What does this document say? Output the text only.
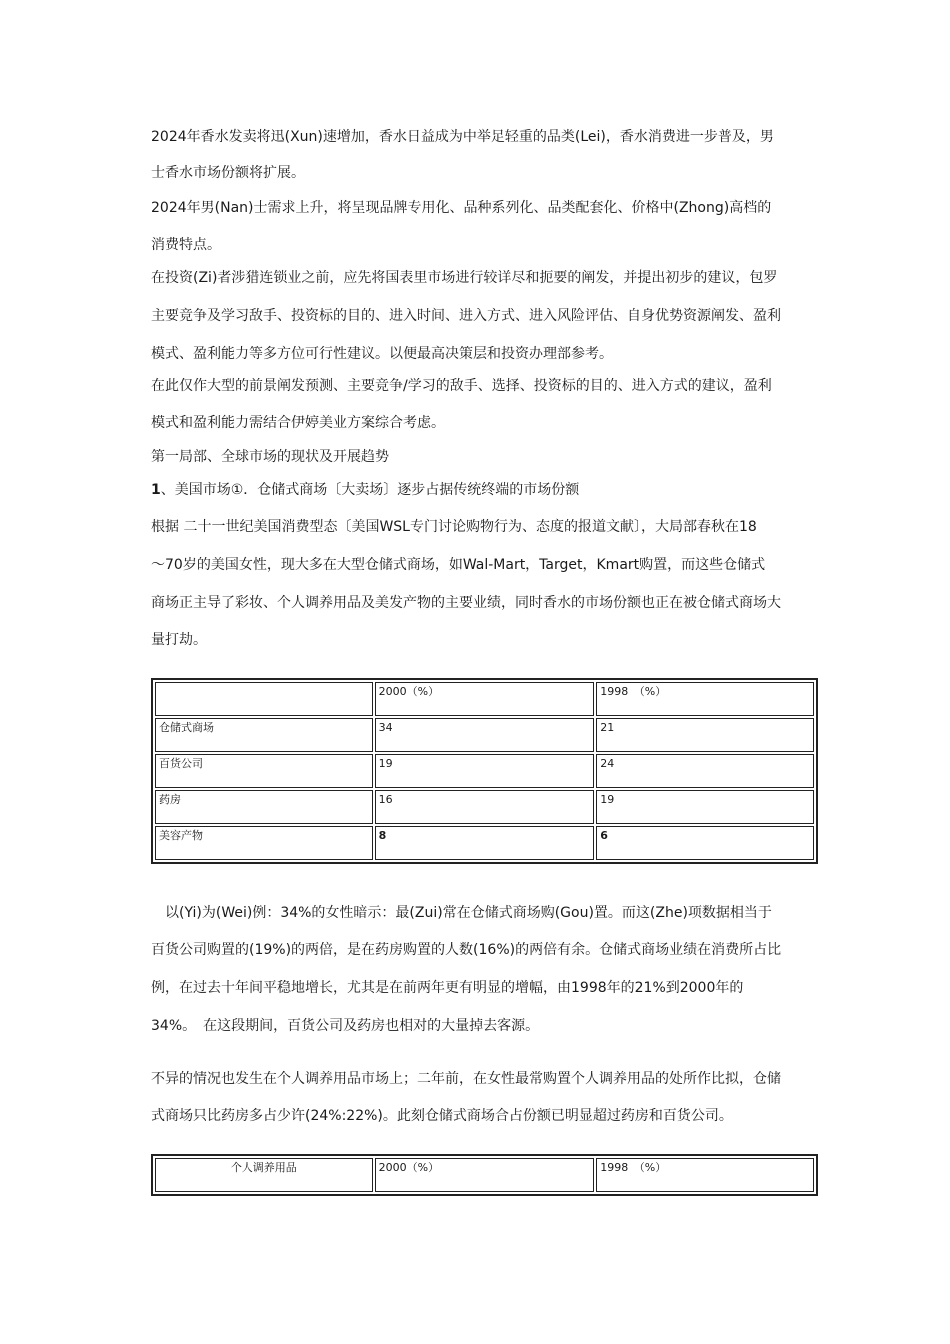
2024年香水发卖将迅(Xun)速增加，香水日益成为中举足轻重的品类(Lei)，香水消费进一步普及，男

士香水市场份额将扩展。

2024年男(Nan)士需求上升，将呈现品牌专用化、品种系列化、品类配套化、价格中(Zhong)高档的

消费特点。

在投资(Zi)者涉猎连锁业之前，应先将国表里市场进行较详尽和扼要的阐发，并提出初步的建议，包罗

主要竞争及学习敌手、投资标的目的、进入时间、进入方式、进入风险评估、自身优势资源阐发、盈利

模式、盈利能力等多方位可行性建议。以便最高决策层和投资办理部参考。

在此仅作大型的前景阐发预测、主要竞争/学习的敌手、选择、投资标的目的、进入方式的建议，盈利

模式和盈利能力需结合伊婷美业方案综合考虑。

第一局部、全球市场的现状及开展趋势

1、美国市场①．仓储式商场〔大卖场〕逐步占据传统终端的市场份额

根据 二十一世纪美国消费型态〔美国WSL专门讨论购物行为、态度的报道文献〕，大局部春秋在18

～70岁的美国女性，现大多在大型仓储式商场，如Wal-Mart，Target，Kmart购置，而这些仓储式

商场正主导了彩妆、个人调养用品及美发产物的主要业绩，同时香水的市场份额也正在被仓储式商场大

量打劫。

	2000（%）	1998　（%）
仓储式商场	34	21
百货公司	19	24
药房	16	19
美容产物	8	6

　以(Yi)为(Wei)例：34%的女性暗示：最(Zui)常在仓储式商场购(Gou)置。而这(Zhe)项数据相当于

百货公司购置的(19%)的两倍，是在药房购置的人数(16%)的两倍有余。仓储式商场业绩在消费所占比

例，在过去十年间平稳地增长，尤其是在前两年更有明显的增幅，由1998年的21%到2000年的

34%。　在这段期间，百货公司及药房也相对的大量掉去客源。

不异的情况也发生在个人调养用品市场上；二年前，在女性最常购置个人调养用品的处所作比拟，仓储

式商场只比药房多占少许(24%:22%)。此刻仓储式商场合占份额已明显超过药房和百货公司。

个人调养用品	2000（%）	1998　（%）
